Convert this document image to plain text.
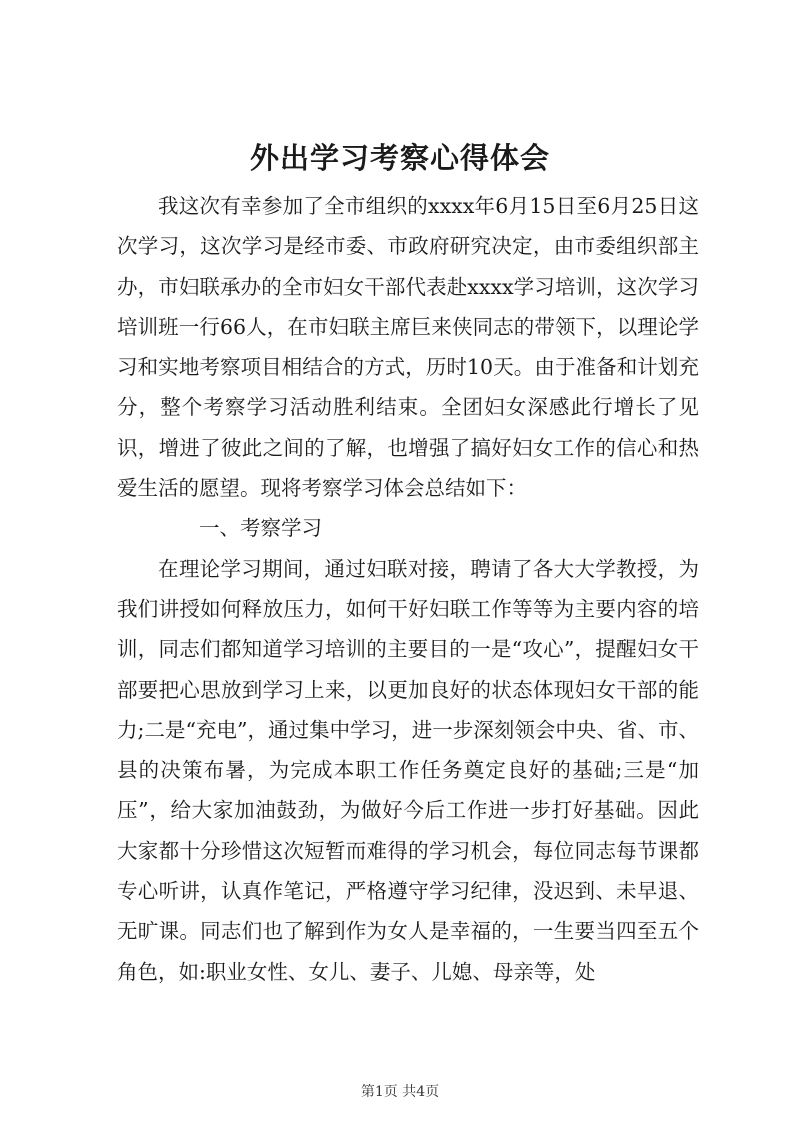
外出学习考察心得体会

我这次有幸参加了全市组织的xxxx年6月15日至6月25日这次学习，这次学习是经市委、市政府研究决定，由市委组织部主办，市妇联承办的全市妇女干部代表赴xxxx学习培训，这次学习培训班一行66人，在市妇联主席巨来侠同志的带领下，以理论学习和实地考察项目相结合的方式，历时10天。由于准备和计划充分，整个考察学习活动胜利结束。全团妇女深感此行增长了见识，增进了彼此之间的了解，也增强了搞好妇女工作的信心和热爱生活的愿望。现将考察学习体会总结如下：

一、考察学习

在理论学习期间，通过妇联对接，聘请了各大大学教授，为我们讲授如何释放压力，如何干好妇联工作等等为主要内容的培训，同志们都知道学习培训的主要目的一是“攻心”，提醒妇女干部要把心思放到学习上来，以更加良好的状态体现妇女干部的能力;二是“充电”，通过集中学习，进一步深刻领会中央、省、市、县的决策布暑，为完成本职工作任务奠定良好的基础;三是“加压”，给大家加油鼓劲，为做好今后工作进一步打好基础。因此大家都十分珍惜这次短暂而难得的学习机会，每位同志每节课都专心听讲，认真作笔记，严格遵守学习纪律，没迟到、未早退、无旷课。同志们也了解到作为女人是幸福的，一生要当四至五个角色，如:职业女性、女儿、妻子、儿媳、母亲等，处

第1页 共4页
